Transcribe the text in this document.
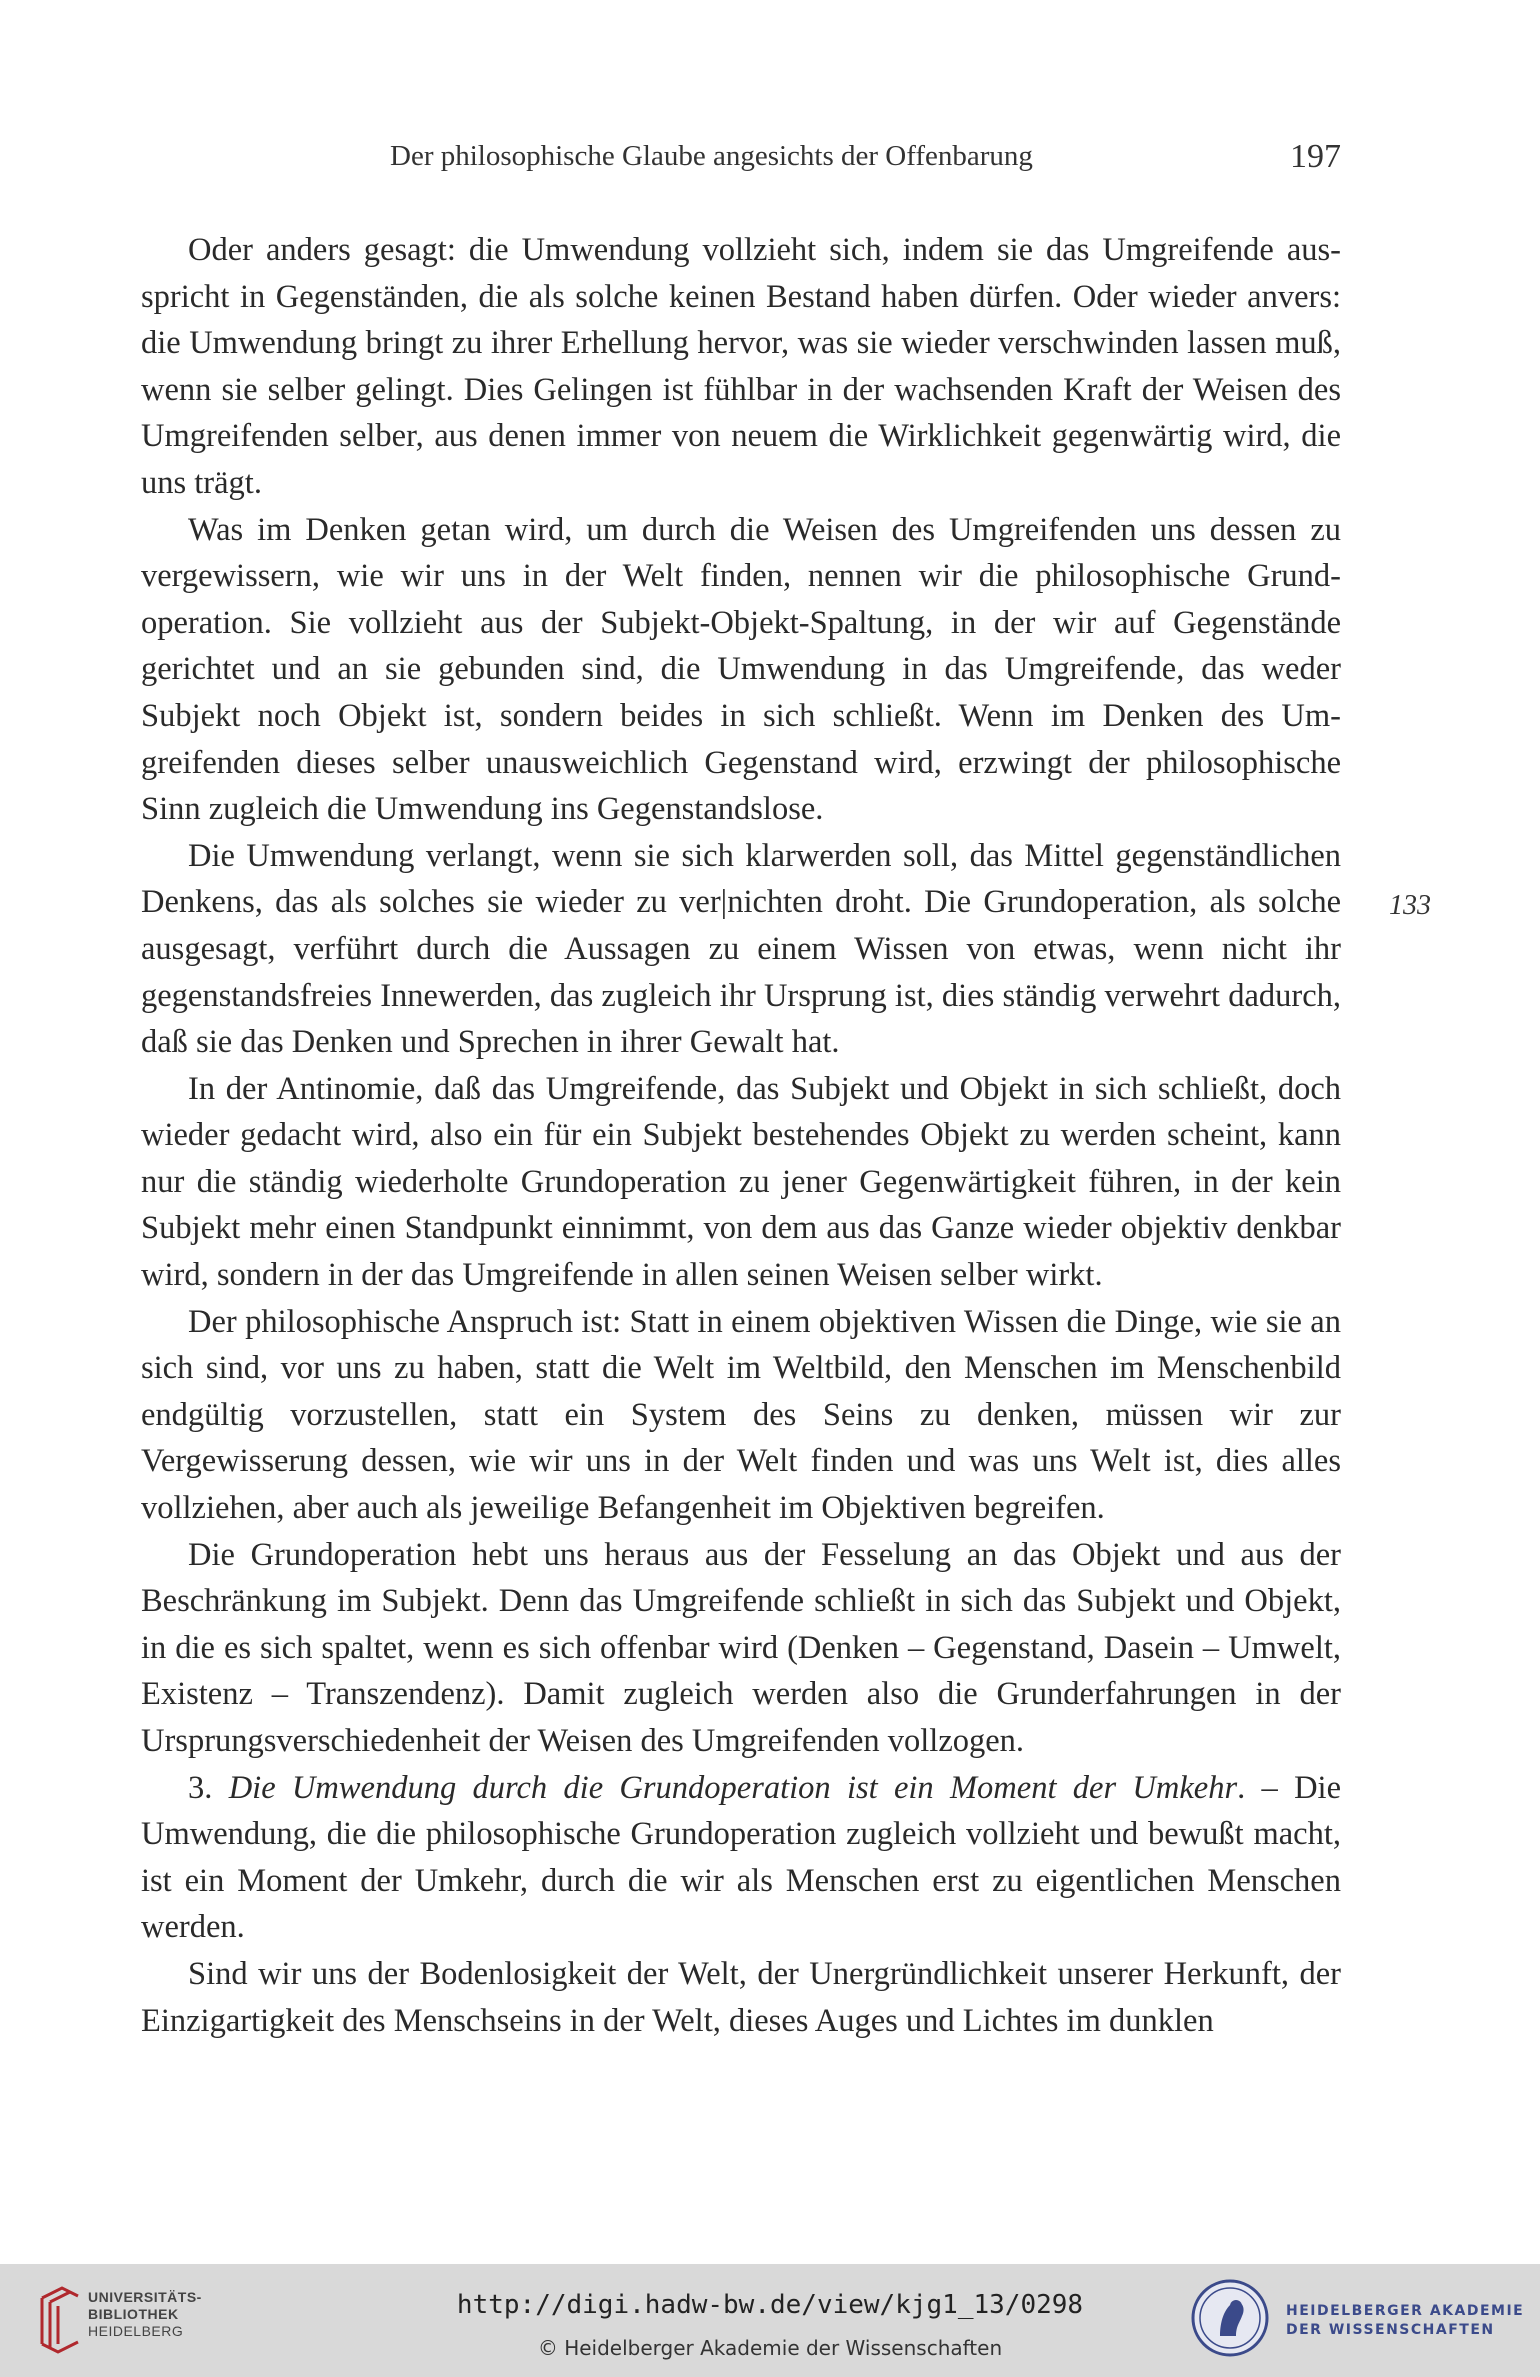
Der philosophische Glaube angesichts der Offenbarung	197

Oder anders gesagt: die Umwendung vollzieht sich, indem sie das Umgreifende ausspricht in Gegenständen, die als solche keinen Bestand haben dürfen. Oder wieder anvers: die Umwendung bringt zu ihrer Erhellung hervor, was sie wieder verschwinden lassen muß, wenn sie selber gelingt. Dies Gelingen ist fühlbar in der wachsenden Kraft der Weisen des Umgreifenden selber, aus denen immer von neuem die Wirklichkeit gegenwärtig wird, die uns trägt.

Was im Denken getan wird, um durch die Weisen des Umgreifenden uns dessen zu vergewissern, wie wir uns in der Welt finden, nennen wir die philosophische Grundoperation. Sie vollzieht aus der Subjekt-Objekt-Spaltung, in der wir auf Gegenstände gerichtet und an sie gebunden sind, die Umwendung in das Umgreifende, das weder Subjekt noch Objekt ist, sondern beides in sich schließt. Wenn im Denken des Umgreifenden dieses selber unausweichlich Gegenstand wird, erzwingt der philosophische Sinn zugleich die Umwendung ins Gegenstandslose.

Die Umwendung verlangt, wenn sie sich klarwerden soll, das Mittel gegenständlichen Denkens, das als solches sie wieder zu ver|nichten droht. Die Grundoperation, als solche ausgesagt, verführt durch die Aussagen zu einem Wissen von etwas, wenn nicht ihr gegenstandsfreies Innewerden, das zugleich ihr Ursprung ist, dies ständig verwehrt dadurch, daß sie das Denken und Sprechen in ihrer Gewalt hat.

In der Antinomie, daß das Umgreifende, das Subjekt und Objekt in sich schließt, doch wieder gedacht wird, also ein für ein Subjekt bestehendes Objekt zu werden scheint, kann nur die ständig wiederholte Grundoperation zu jener Gegenwärtigkeit führen, in der kein Subjekt mehr einen Standpunkt einnimmt, von dem aus das Ganze wieder objektiv denkbar wird, sondern in der das Umgreifende in allen seinen Weisen selber wirkt.

Der philosophische Anspruch ist: Statt in einem objektiven Wissen die Dinge, wie sie an sich sind, vor uns zu haben, statt die Welt im Weltbild, den Menschen im Menschenbild endgültig vorzustellen, statt ein System des Seins zu denken, müssen wir zur Vergewisserung dessen, wie wir uns in der Welt finden und was uns Welt ist, dies alles vollziehen, aber auch als jeweilige Befangenheit im Objektiven begreifen.

Die Grundoperation hebt uns heraus aus der Fesselung an das Objekt und aus der Beschränkung im Subjekt. Denn das Umgreifende schließt in sich das Subjekt und Objekt, in die es sich spaltet, wenn es sich offenbar wird (Denken – Gegenstand, Dasein – Umwelt, Existenz – Transzendenz). Damit zugleich werden also die Grunderfahrungen in der Ursprungsverschiedenheit der Weisen des Umgreifenden vollzogen.

3. Die Umwendung durch die Grundoperation ist ein Moment der Umkehr. – Die Umwendung, die die philosophische Grundoperation zugleich vollzieht und bewußt macht, ist ein Moment der Umkehr, durch die wir als Menschen erst zu eigentlichen Menschen werden.

Sind wir uns der Bodenlosigkeit der Welt, der Unergründlichkeit unserer Herkunft, der Einzigartigkeit des Menschseins in der Welt, dieses Auges und Lichtes im dunklen

133
UNIVERSITÄTS-
BIBLIOTHEK
HEIDELBERG
http://digi.hadw-bw.de/view/kjg1_13/0298
© Heidelberger Akademie der Wissenschaften
HEIDELBERGER AKADEMIE
DER WISSENSCHAFTEN
